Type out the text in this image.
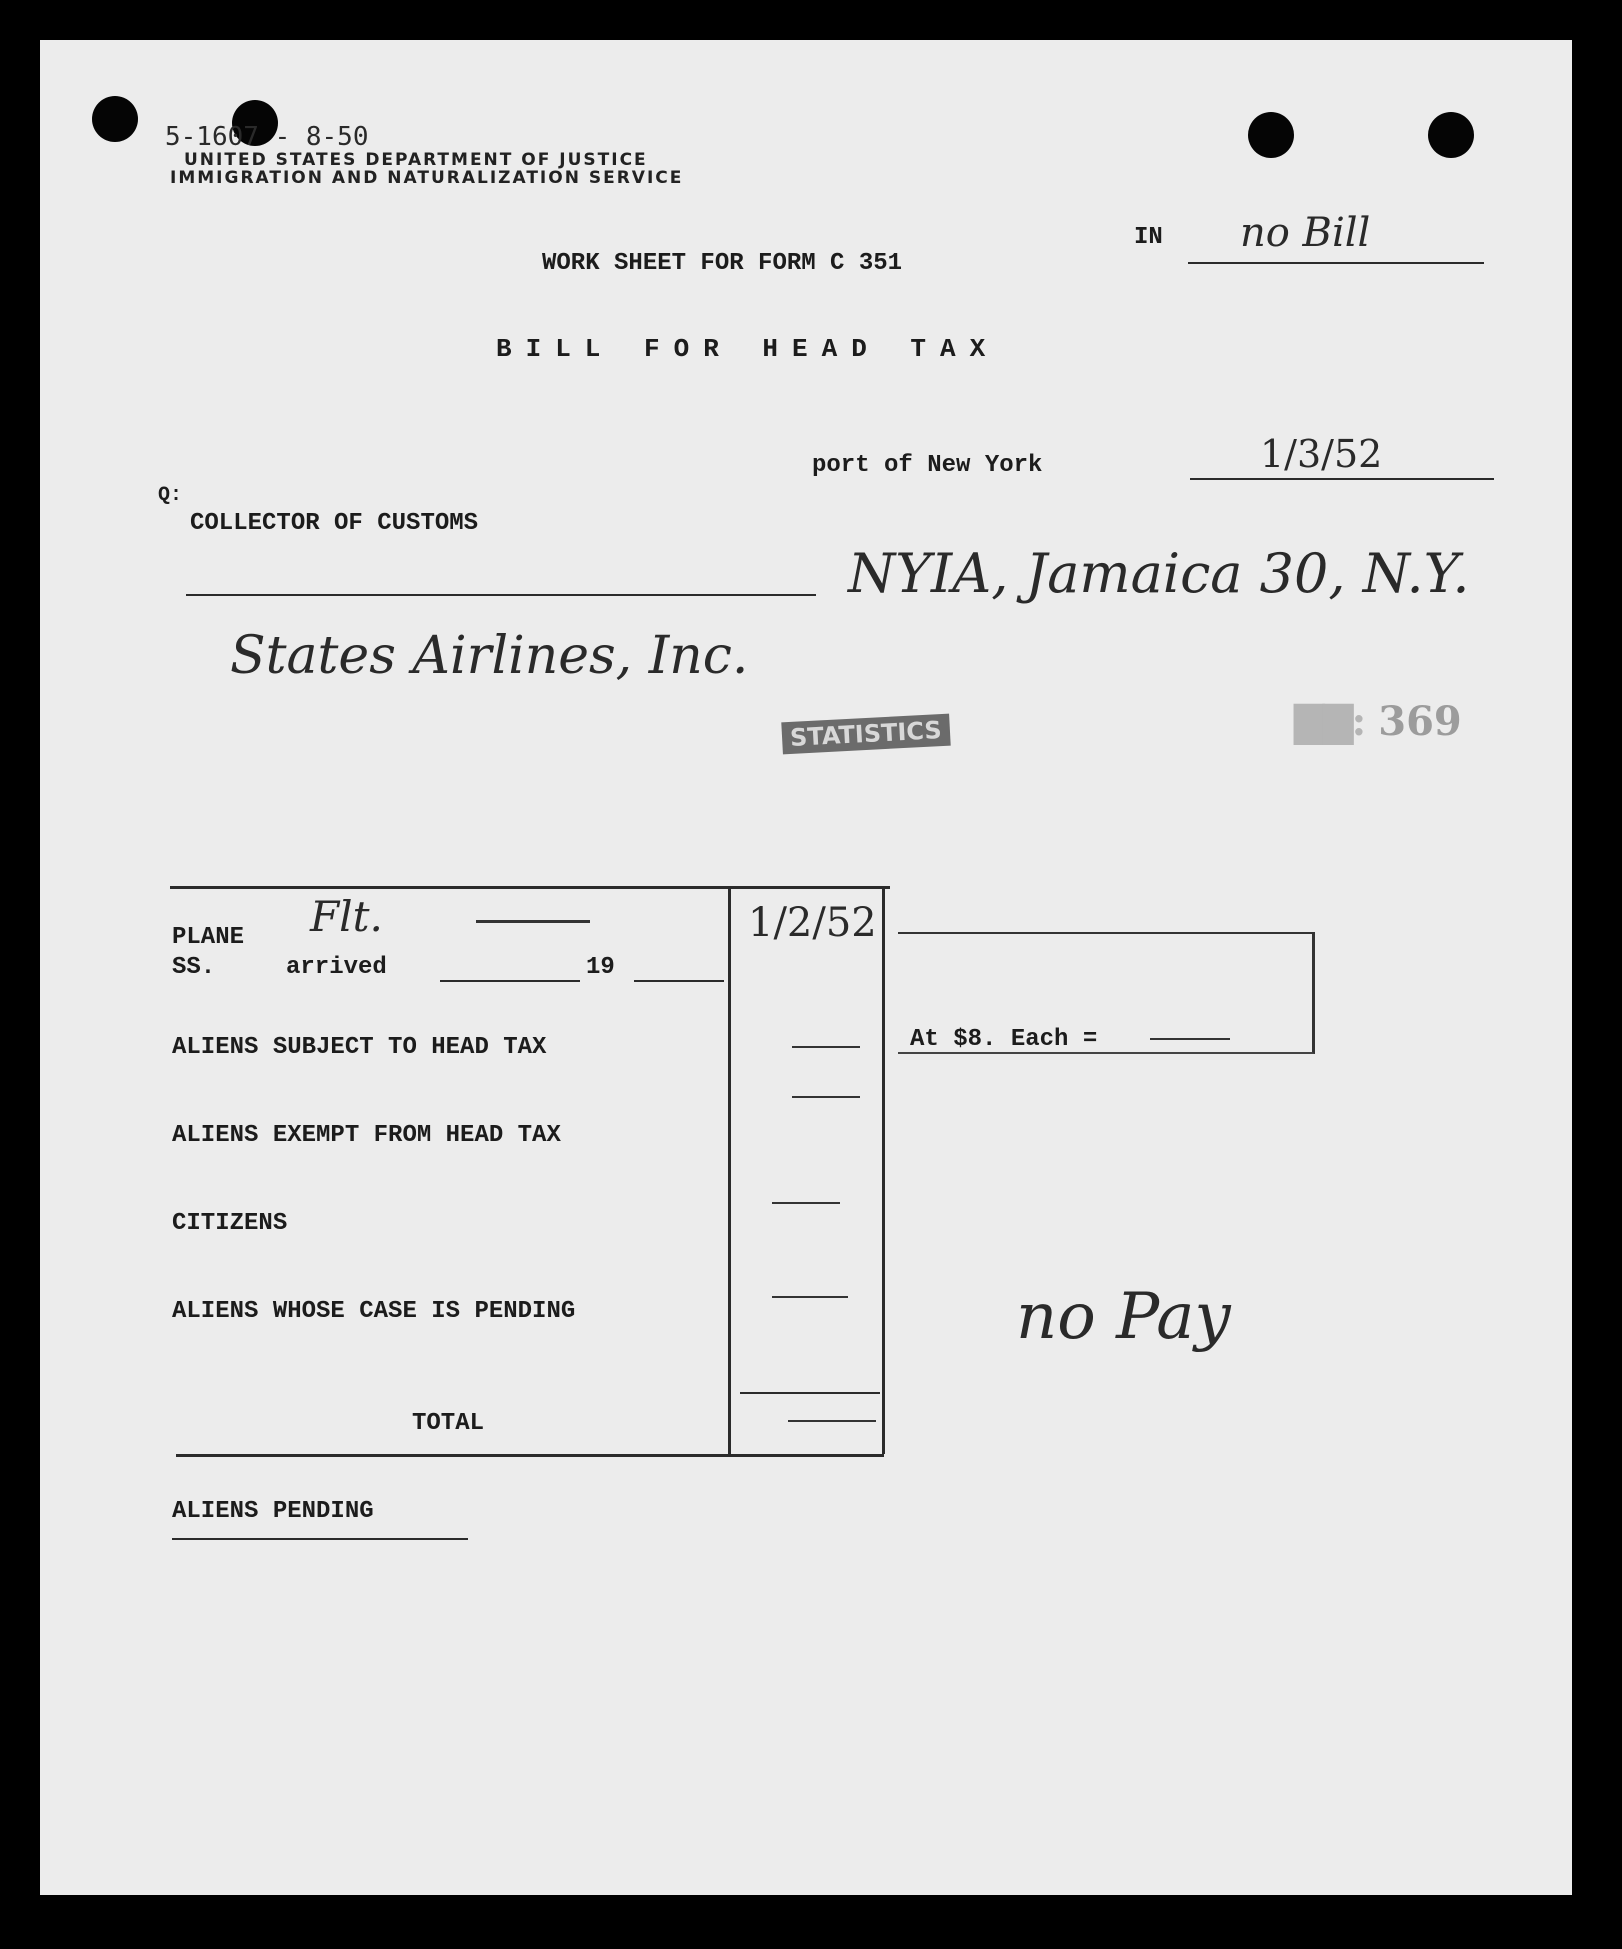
5-1607 - 8-50
UNITED STATES DEPARTMENT OF JUSTICE
IMMIGRATION AND NATURALIZATION SERVICE
IN no Bill
WORK SHEET FOR FORM C 351
BILL FOR HEAD TAX
port of New York	1/3/52
Q:
COLLECTOR OF CUSTOMS
NYIA, Jamaica 30, N.Y.
States Airlines, Inc.
STATISTICS	▇▇: 369
PLANE Flt.
SS.	arrived	19
1/2/52
ALIENS SUBJECT TO HEAD TAX
ALIENS EXEMPT FROM HEAD TAX
CITIZENS
ALIENS WHOSE CASE IS PENDING
TOTAL
At $8. Each =
no Pay
ALIENS PENDING
